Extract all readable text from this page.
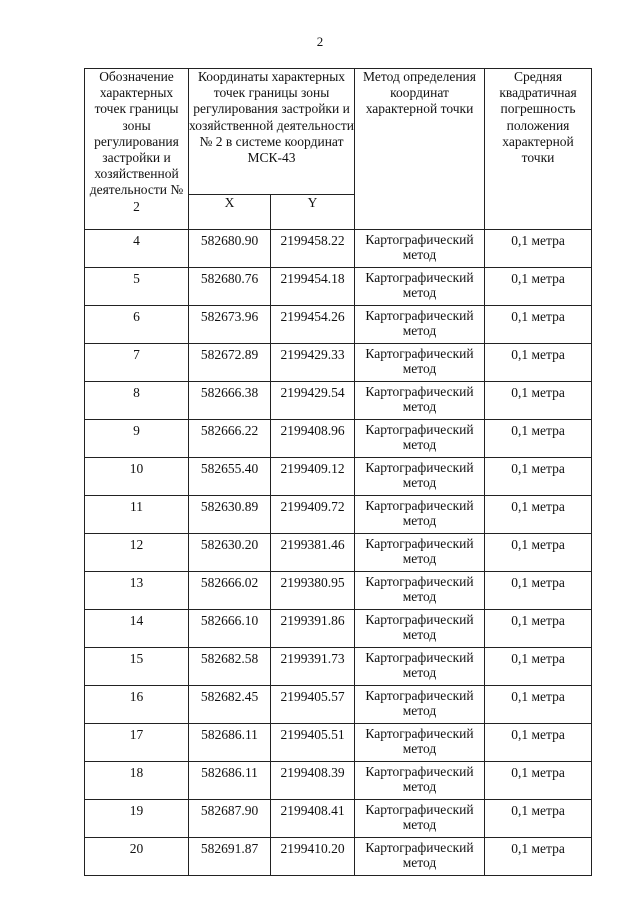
2
Обозначение характерных точек границы зоны регулирования застройки и хозяйственной деятельности № 2	Координаты характерных точек границы зоны регулирования застройки и хозяйственной деятельности № 2 в системе координат МСК-43		Метод определения координат характерной точки	Средняя квадратичная погрешность положения характерной точки
	X	Y		
4	582680.90	2199458.22	Картографический метод	0,1 метра
5	582680.76	2199454.18	Картографический метод	0,1 метра
6	582673.96	2199454.26	Картографический метод	0,1 метра
7	582672.89	2199429.33	Картографический метод	0,1 метра
8	582666.38	2199429.54	Картографический метод	0,1 метра
9	582666.22	2199408.96	Картографический метод	0,1 метра
10	582655.40	2199409.12	Картографический метод	0,1 метра
11	582630.89	2199409.72	Картографический метод	0,1 метра
12	582630.20	2199381.46	Картографический метод	0,1 метра
13	582666.02	2199380.95	Картографический метод	0,1 метра
14	582666.10	2199391.86	Картографический метод	0,1 метра
15	582682.58	2199391.73	Картографический метод	0,1 метра
16	582682.45	2199405.57	Картографический метод	0,1 метра
17	582686.11	2199405.51	Картографический метод	0,1 метра
18	582686.11	2199408.39	Картографический метод	0,1 метра
19	582687.90	2199408.41	Картографический метод	0,1 метра
20	582691.87	2199410.20	Картографический метод	0,1 метра
